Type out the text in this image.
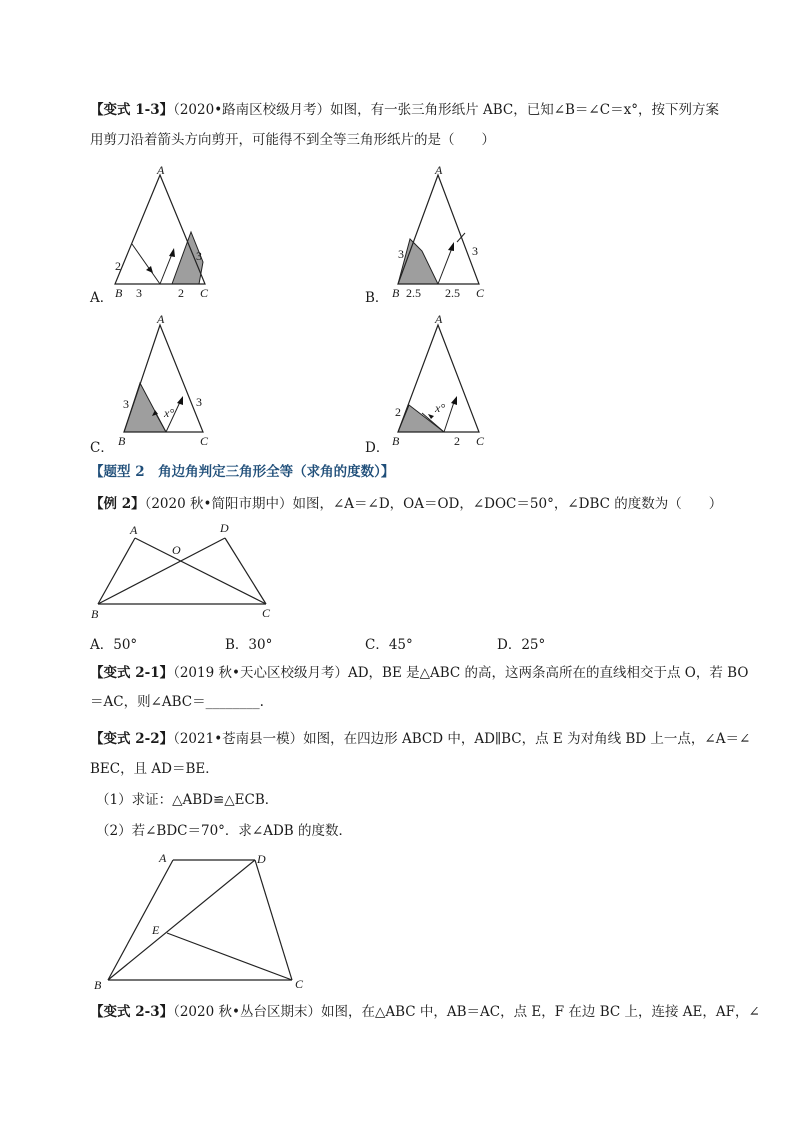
【变式 1-3】（2020•路南区校级月考）如图，有一张三角形纸片 ABC，已知∠B＝∠C＝x°，按下列方案
用剪刀沿着箭头方向剪开，可能得不到全等三角形纸片的是（　　）
A．
A
B	C
2
3	2
3
B．
A
B	C
3
2.5 2.5
3
C．
A
B	C
3
x°
3
D．
A
B	C
2	x°
2
【题型 2　角边角判定三角形全等（求角的度数）】
【例 2】（2020 秋•简阳市期中）如图，∠A＝∠D，OA＝OD，∠DOC＝50°，∠DBC 的度数为（　　）
A	D
O
B	C
A．50°	B．30°	C．45°	D．25°
【变式 2-1】（2019 秋•天心区校级月考）AD，BE 是△ABC 的高，这两条高所在的直线相交于点 O，若 BO
＝AC，则∠ABC＝________.
【变式 2-2】（2021•苍南县一模）如图，在四边形 ABCD 中，AD∥BC，点 E 为对角线 BD 上一点，∠A＝∠
BEC，且 AD＝BE．
（1）求证：△ABD≌△ECB．
（2）若∠BDC＝70°．求∠ADB 的度数．
A	D
E
B	C
【变式 2-3】（2020 秋•丛台区期末）如图，在△ABC 中，AB＝AC，点 E，F 在边 BC 上，连接 AE，AF，∠
